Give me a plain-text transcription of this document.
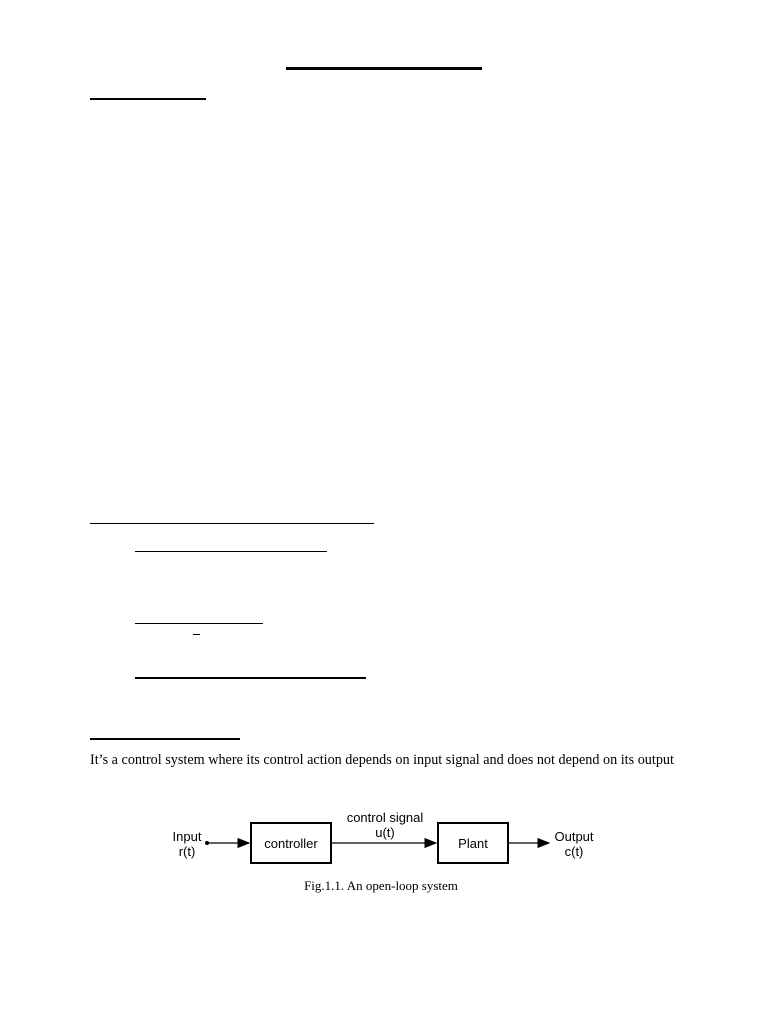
It’s a control system where its control action depends on input signal and does not depend on its output
Input
r(t)
controller
control signal
u(t)
Plant	Output
c(t)
Fig.1.1. An open-loop system
